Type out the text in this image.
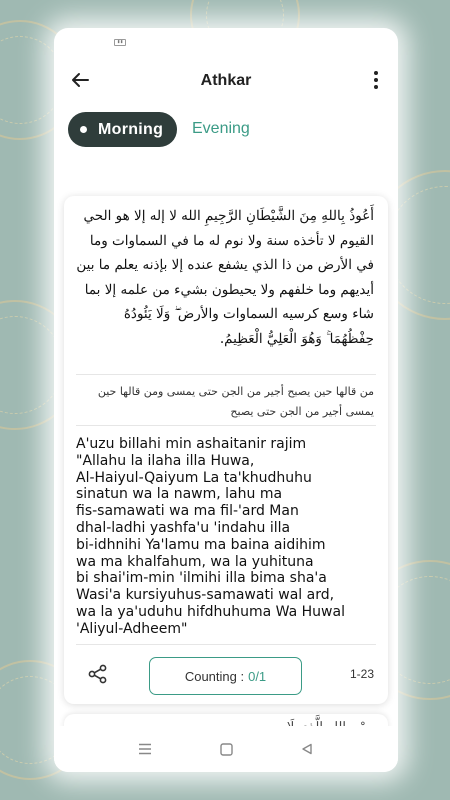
▮▮
Athkar
Morning Evening
أَعُوذُ بِاللهِ مِنَ الشَّيْطَانِ الرَّجِيمِ الله لا إله إلا هو الحي القيوم لا تأخذه سنة ولا نوم له ما في السماوات وما في الأرض من ذا الذي يشفع عنده إلا بإذنه يعلم ما بين أيديهم وما خلفهم ولا يحيطون بشيء من علمه إلا بما شاء وسع كرسيه السماوات والأرض ۖ وَلَا يَئُودُهُ حِفْظُهُمَا ۚ وَهُوَ الْعَلِيُّ الْعَظِيمُ.
من قالها حين يصبح أجير من الجن حتى يمسى ومن قالها حين يمسى أجير من الجن حتى يصبح
A'uzu billahi min ashaitanir rajim
"Allahu la ilaha illa Huwa,
Al-Haiyul-Qaiyum La ta'khudhuhu
sinatun wa la nawm, lahu ma
fis-samawati wa ma fil-'ard Man
dhal-ladhi yashfa'u 'indahu illa
bi-idhnihi Ya'lamu ma baina aidihim
wa ma khalfahum, wa la yuhituna
bi shai'im-min 'ilmihi illa bima sha'a
Wasi'a kursiyuhus-samawati wal ard,
wa la ya'uduhu hifdhuhuma Wa Huwal
'Aliyul-Adheem"
Counting : 0/1	1-23
